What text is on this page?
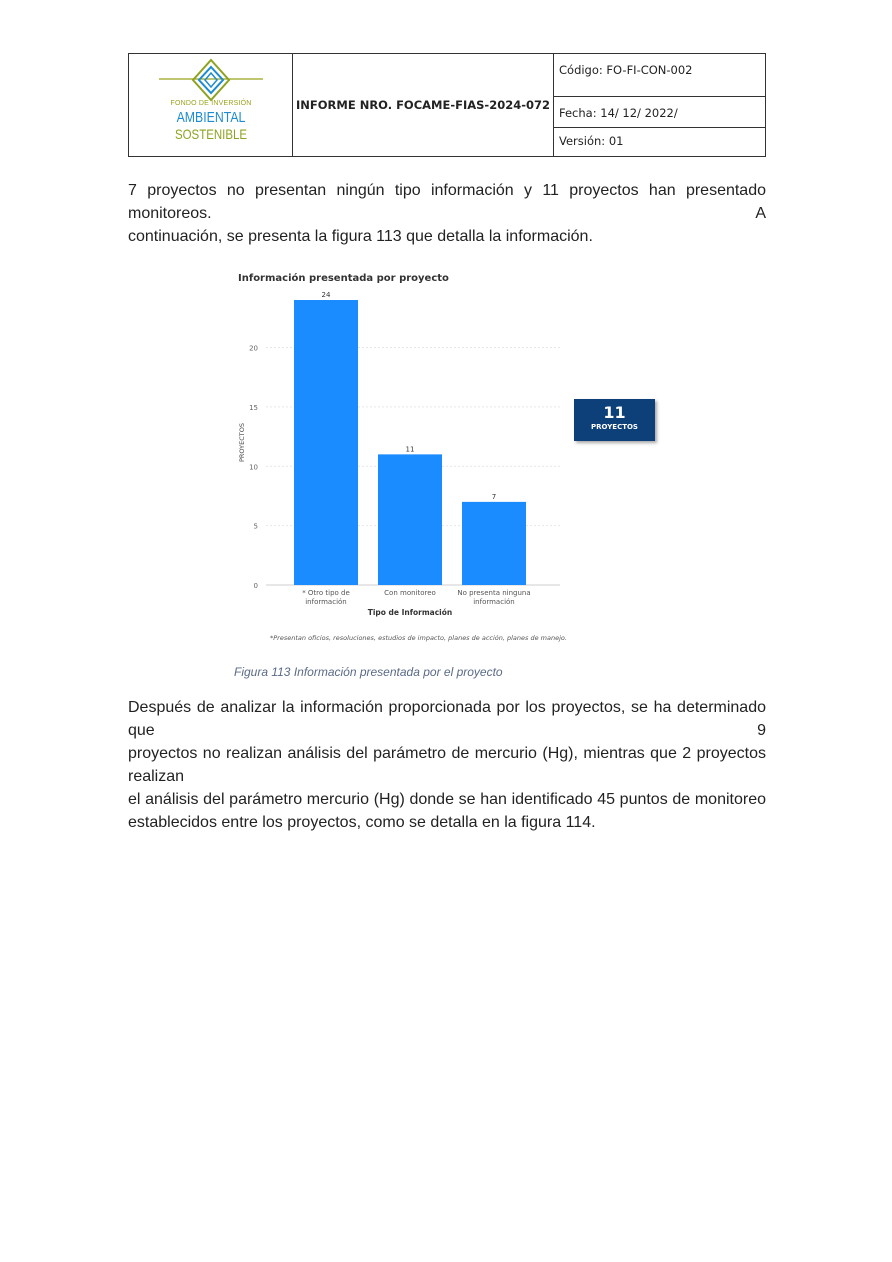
FONDO DE INVERSIÓN
AMBIENTAL
SOSTENIBLE
INFORME NRO. FOCAME-FIAS-2024-072
Código: FO-FI-CON-002
Fecha: 14/ 12/ 2022/
Versión: 01
7 proyectos no presentan ningún tipo información y 11 proyectos han presentado monitoreos. A
continuación, se presenta la figura 113 que detalla la información.
Información presentada por proyecto
0
5
10
15
20
PROYECTOS
24
* Otro tipo de
información
11
Con monitoreo
7
No presenta ninguna
información
Tipo de Información
11
PROYECTOS
*Presentan oficios, resoluciones, estudios de impacto, planes de acción, planes de manejo.
Figura 113 Información presentada por el proyecto
Después de analizar la información proporcionada por los proyectos, se ha determinado que 9
proyectos no realizan análisis del parámetro de mercurio (Hg), mientras que 2 proyectos realizan
el análisis del parámetro mercurio (Hg) donde se han identificado 45 puntos de monitoreo
establecidos entre los proyectos, como se detalla en la figura 114.
